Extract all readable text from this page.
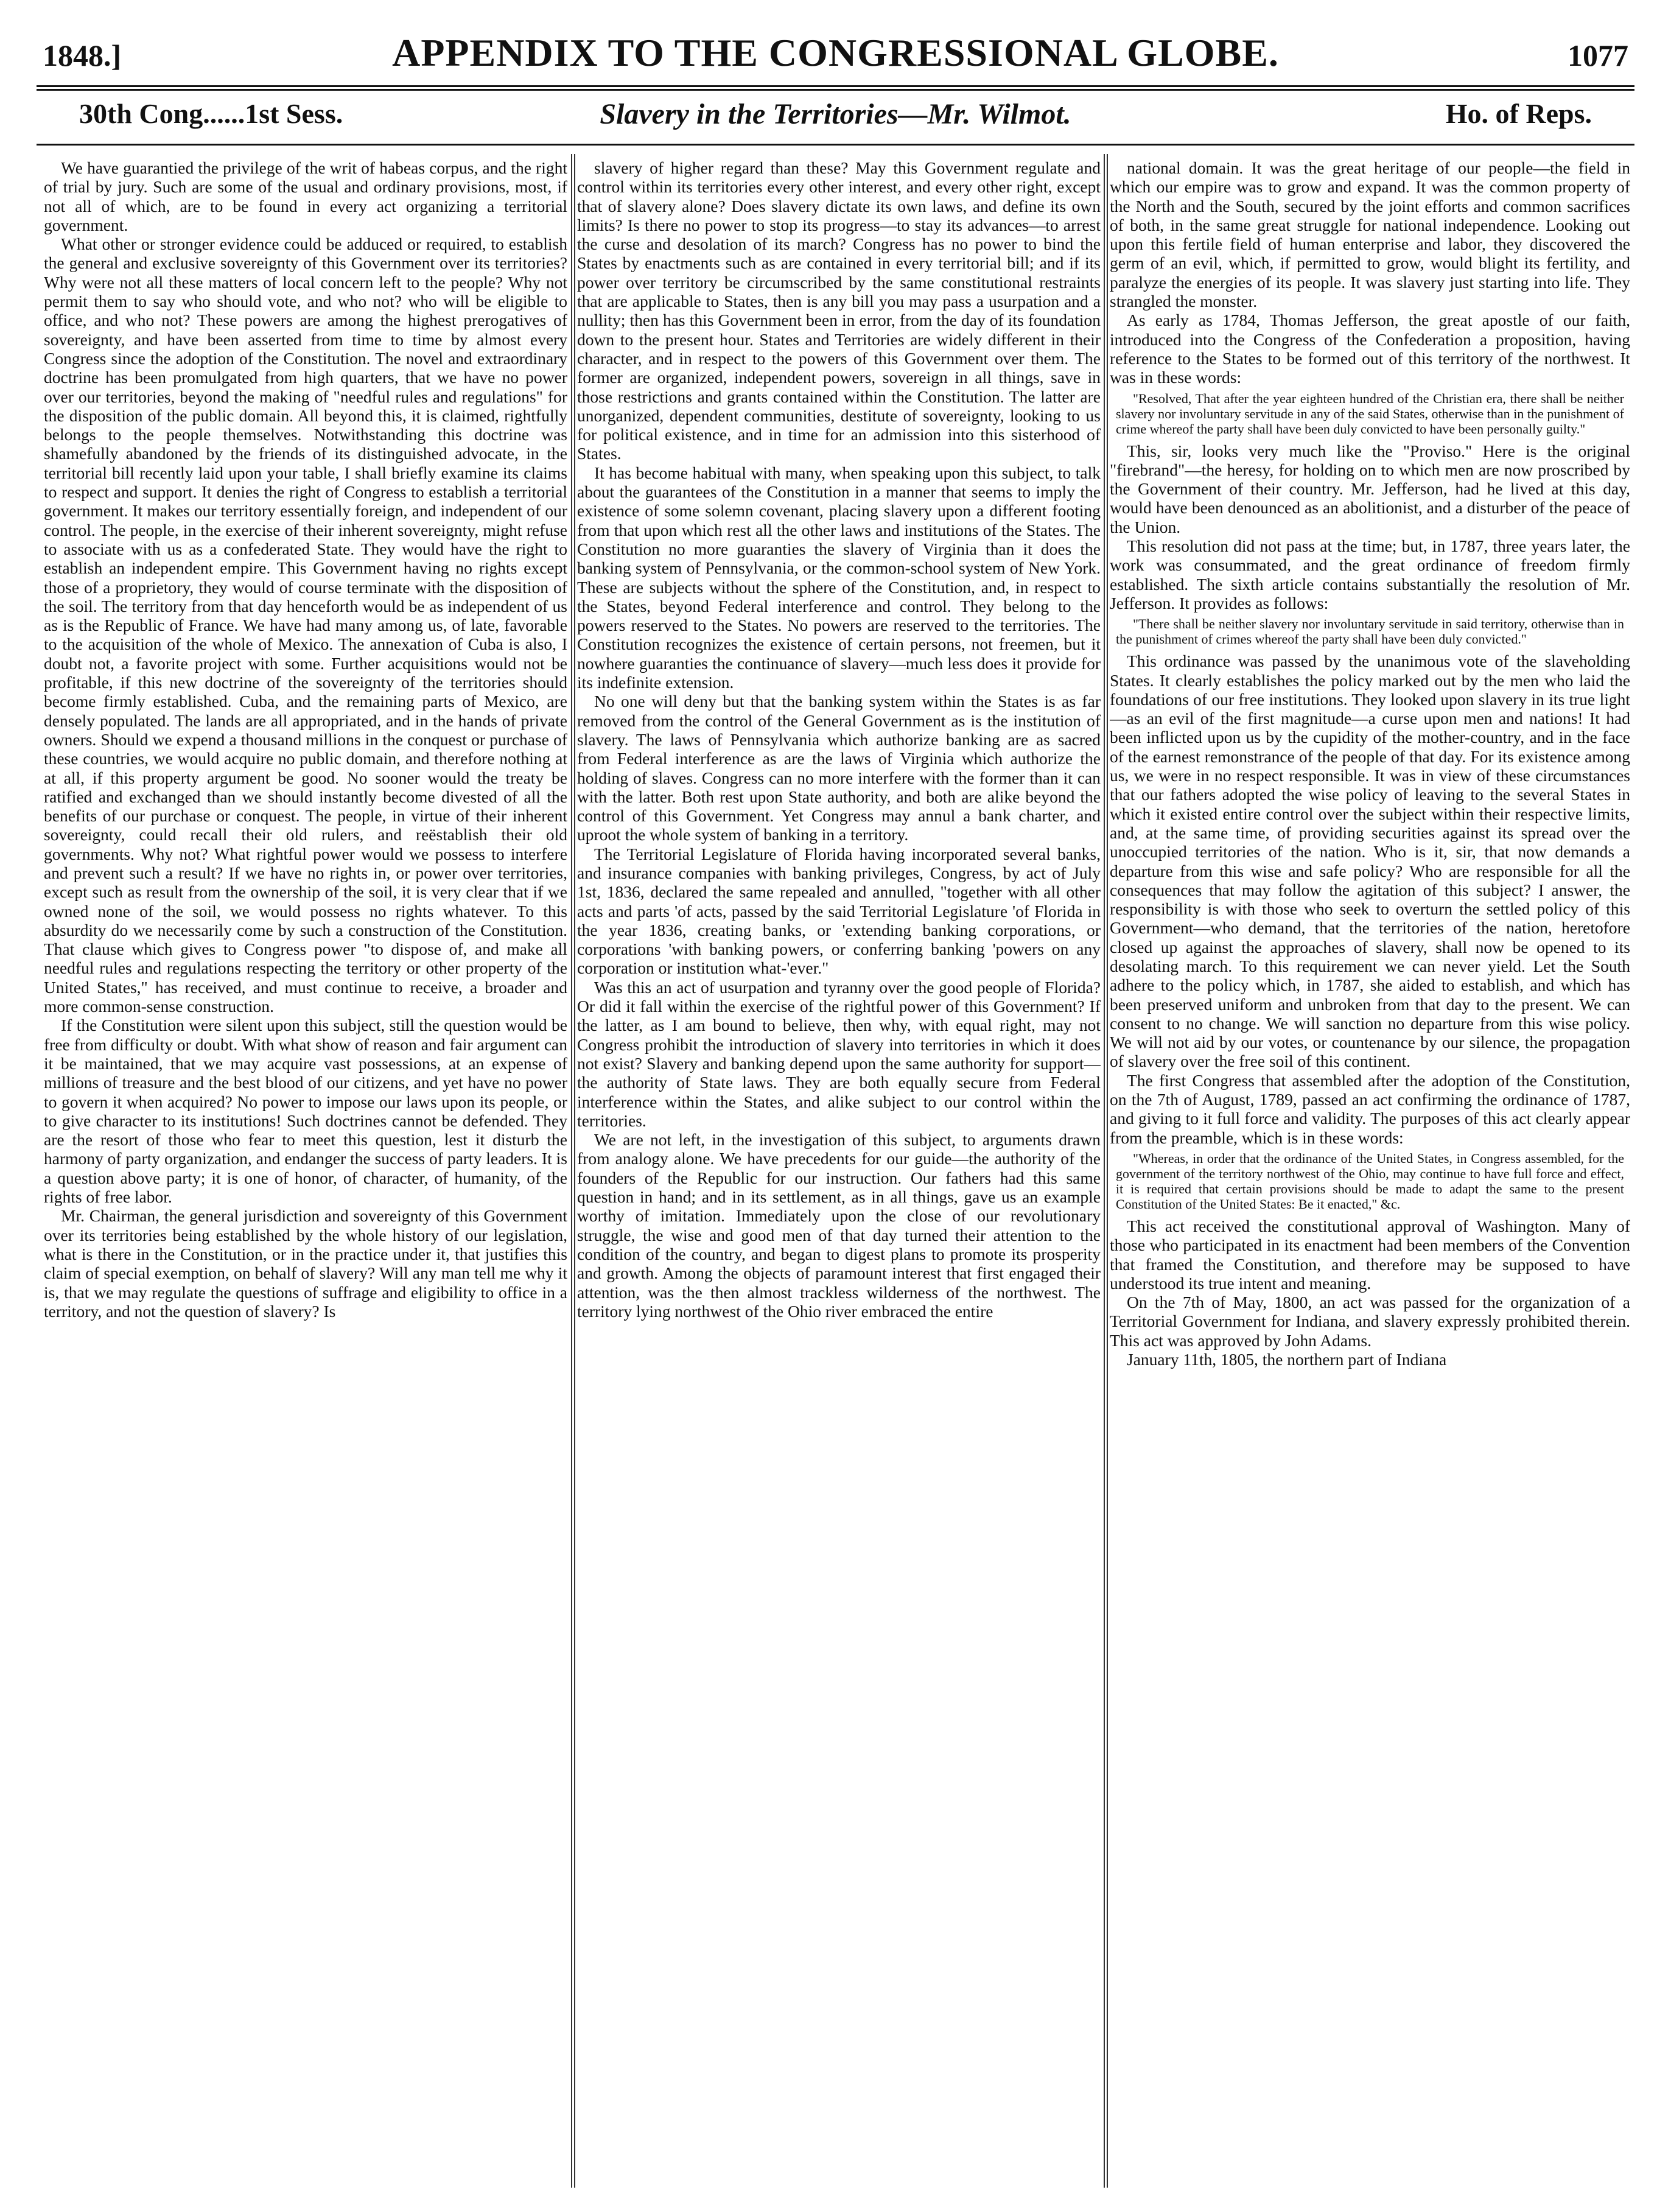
1848.]	APPENDIX TO THE CONGRESSIONAL GLOBE.	1077
30th Cong......1st Sess.	Slavery in the Territories—Mr. Wilmot.	Ho. of Reps.

We have guarantied the privilege of the writ of habeas corpus, and the right of trial by jury. Such are some of the usual and ordinary provisions, most, if not all of which, are to be found in every act organizing a territorial government.

What other or stronger evidence could be adduced or required, to establish the general and exclusive sovereignty of this Government over its territories? Why were not all these matters of local concern left to the people? Why not permit them to say who should vote, and who not? who will be eligible to office, and who not? These powers are among the highest prerogatives of sovereignty, and have been asserted from time to time by almost every Congress since the adoption of the Constitution. The novel and extraordinary doctrine has been promulgated from high quarters, that we have no power over our territories, beyond the making of "needful rules and regulations" for the disposition of the public domain. All beyond this, it is claimed, rightfully belongs to the people themselves. Notwithstanding this doctrine was shamefully abandoned by the friends of its distinguished advocate, in the territorial bill recently laid upon your table, I shall briefly examine its claims to respect and support. It denies the right of Congress to establish a territorial government. It makes our territory essentially foreign, and independent of our control. The people, in the exercise of their inherent sovereignty, might refuse to associate with us as a confederated State. They would have the right to establish an independent empire. This Government having no rights except those of a proprietory, they would of course terminate with the disposition of the soil. The territory from that day henceforth would be as independent of us as is the Republic of France. We have had many among us, of late, favorable to the acquisition of the whole of Mexico. The annexation of Cuba is also, I doubt not, a favorite project with some. Further acquisitions would not be profitable, if this new doctrine of the sovereignty of the territories should become firmly established. Cuba, and the remaining parts of Mexico, are densely populated. The lands are all appropriated, and in the hands of private owners. Should we expend a thousand millions in the conquest or purchase of these countries, we would acquire no public domain, and therefore nothing at at all, if this property argument be good. No sooner would the treaty be ratified and exchanged than we should instantly become divested of all the benefits of our purchase or conquest. The people, in virtue of their inherent sovereignty, could recall their old rulers, and reëstablish their old governments. Why not? What rightful power would we possess to interfere and prevent such a result? If we have no rights in, or power over territories, except such as result from the ownership of the soil, it is very clear that if we owned none of the soil, we would possess no rights whatever. To this absurdity do we necessarily come by such a construction of the Constitution. That clause which gives to Congress power "to dispose of, and make all needful rules and regulations respecting the territory or other property of the United States," has received, and must continue to receive, a broader and more common-sense construction.

If the Constitution were silent upon this subject, still the question would be free from difficulty or doubt. With what show of reason and fair argument can it be maintained, that we may acquire vast possessions, at an expense of millions of treasure and the best blood of our citizens, and yet have no power to govern it when acquired? No power to impose our laws upon its people, or to give character to its institutions! Such doctrines cannot be defended. They are the resort of those who fear to meet this question, lest it disturb the harmony of party organization, and endanger the success of party leaders. It is a question above party; it is one of honor, of character, of humanity, of the rights of free labor.

Mr. Chairman, the general jurisdiction and sovereignty of this Government over its territories being established by the whole history of our legislation, what is there in the Constitution, or in the practice under it, that justifies this claim of special exemption, on behalf of slavery? Will any man tell me why it is, that we may regulate the questions of suffrage and eligibility to office in a territory, and not the question of slavery? Is

slavery of higher regard than these? May this Government regulate and control within its territories every other interest, and every other right, except that of slavery alone? Does slavery dictate its own laws, and define its own limits? Is there no power to stop its progress—to stay its advances—to arrest the curse and desolation of its march? Congress has no power to bind the States by enactments such as are contained in every territorial bill; and if its power over territory be circumscribed by the same constitutional restraints that are applicable to States, then is any bill you may pass a usurpation and a nullity; then has this Government been in error, from the day of its foundation down to the present hour. States and Territories are widely different in their character, and in respect to the powers of this Government over them. The former are organized, independent powers, sovereign in all things, save in those restrictions and grants contained within the Constitution. The latter are unorganized, dependent communities, destitute of sovereignty, looking to us for political existence, and in time for an admission into this sisterhood of States.

It has become habitual with many, when speaking upon this subject, to talk about the guarantees of the Constitution in a manner that seems to imply the existence of some solemn covenant, placing slavery upon a different footing from that upon which rest all the other laws and institutions of the States. The Constitution no more guaranties the slavery of Virginia than it does the banking system of Pennsylvania, or the common-school system of New York. These are subjects without the sphere of the Constitution, and, in respect to the States, beyond Federal interference and control. They belong to the powers reserved to the States. No powers are reserved to the territories. The Constitution recognizes the existence of certain persons, not freemen, but it nowhere guaranties the continuance of slavery—much less does it provide for its indefinite extension.

No one will deny but that the banking system within the States is as far removed from the control of the General Government as is the institution of slavery. The laws of Pennsylvania which authorize banking are as sacred from Federal interference as are the laws of Virginia which authorize the holding of slaves. Congress can no more interfere with the former than it can with the latter. Both rest upon State authority, and both are alike beyond the control of this Government. Yet Congress may annul a bank charter, and uproot the whole system of banking in a territory.

The Territorial Legislature of Florida having incorporated several banks, and insurance companies with banking privileges, Congress, by act of July 1st, 1836, declared the same repealed and annulled, "together with all other acts and parts 'of acts, passed by the said Territorial Legislature 'of Florida in the year 1836, creating banks, or 'extending banking corporations, or corporations 'with banking powers, or conferring banking 'powers on any corporation or institution what-'ever."

Was this an act of usurpation and tyranny over the good people of Florida? Or did it fall within the exercise of the rightful power of this Government? If the latter, as I am bound to believe, then why, with equal right, may not Congress prohibit the introduction of slavery into territories in which it does not exist? Slavery and banking depend upon the same authority for support—the authority of State laws. They are both equally secure from Federal interference within the States, and alike subject to our control within the territories.

We are not left, in the investigation of this subject, to arguments drawn from analogy alone. We have precedents for our guide—the authority of the founders of the Republic for our instruction. Our fathers had this same question in hand; and in its settlement, as in all things, gave us an example worthy of imitation. Immediately upon the close of our revolutionary struggle, the wise and good men of that day turned their attention to the condition of the country, and began to digest plans to promote its prosperity and growth. Among the objects of paramount interest that first engaged their attention, was the then almost trackless wilderness of the northwest. The territory lying northwest of the Ohio river embraced the entire

national domain. It was the great heritage of our people—the field in which our empire was to grow and expand. It was the common property of the North and the South, secured by the joint efforts and common sacrifices of both, in the same great struggle for national independence. Looking out upon this fertile field of human enterprise and labor, they discovered the germ of an evil, which, if permitted to grow, would blight its fertility, and paralyze the energies of its people. It was slavery just starting into life. They strangled the monster.

As early as 1784, Thomas Jefferson, the great apostle of our faith, introduced into the Congress of the Confederation a proposition, having reference to the States to be formed out of this territory of the northwest. It was in these words:

"Resolved, That after the year eighteen hundred of the Christian era, there shall be neither slavery nor involuntary servitude in any of the said States, otherwise than in the punishment of crime whereof the party shall have been duly convicted to have been personally guilty."

This, sir, looks very much like the "Proviso." Here is the original "firebrand"—the heresy, for holding on to which men are now proscribed by the Government of their country. Mr. Jefferson, had he lived at this day, would have been denounced as an abolitionist, and a disturber of the peace of the Union.

This resolution did not pass at the time; but, in 1787, three years later, the work was consummated, and the great ordinance of freedom firmly established. The sixth article contains substantially the resolution of Mr. Jefferson. It provides as follows:

"There shall be neither slavery nor involuntary servitude in said territory, otherwise than in the punishment of crimes whereof the party shall have been duly convicted."

This ordinance was passed by the unanimous vote of the slaveholding States. It clearly establishes the policy marked out by the men who laid the foundations of our free institutions. They looked upon slavery in its true light—as an evil of the first magnitude—a curse upon men and nations! It had been inflicted upon us by the cupidity of the mother-country, and in the face of the earnest remonstrance of the people of that day. For its existence among us, we were in no respect responsible. It was in view of these circumstances that our fathers adopted the wise policy of leaving to the several States in which it existed entire control over the subject within their respective limits, and, at the same time, of providing securities against its spread over the unoccupied territories of the nation. Who is it, sir, that now demands a departure from this wise and safe policy? Who are responsible for all the consequences that may follow the agitation of this subject? I answer, the responsibility is with those who seek to overturn the settled policy of this Government—who demand, that the territories of the nation, heretofore closed up against the approaches of slavery, shall now be opened to its desolating march. To this requirement we can never yield. Let the South adhere to the policy which, in 1787, she aided to establish, and which has been preserved uniform and unbroken from that day to the present. We can consent to no change. We will sanction no departure from this wise policy. We will not aid by our votes, or countenance by our silence, the propagation of slavery over the free soil of this continent.

The first Congress that assembled after the adoption of the Constitution, on the 7th of August, 1789, passed an act confirming the ordinance of 1787, and giving to it full force and validity. The purposes of this act clearly appear from the preamble, which is in these words:

"Whereas, in order that the ordinance of the United States, in Congress assembled, for the government of the territory northwest of the Ohio, may continue to have full force and effect, it is required that certain provisions should be made to adapt the same to the present Constitution of the United States: Be it enacted," &c.

This act received the constitutional approval of Washington. Many of those who participated in its enactment had been members of the Convention that framed the Constitution, and therefore may be supposed to have understood its true intent and meaning.

On the 7th of May, 1800, an act was passed for the organization of a Territorial Government for Indiana, and slavery expressly prohibited therein. This act was approved by John Adams.

January 11th, 1805, the northern part of Indiana
